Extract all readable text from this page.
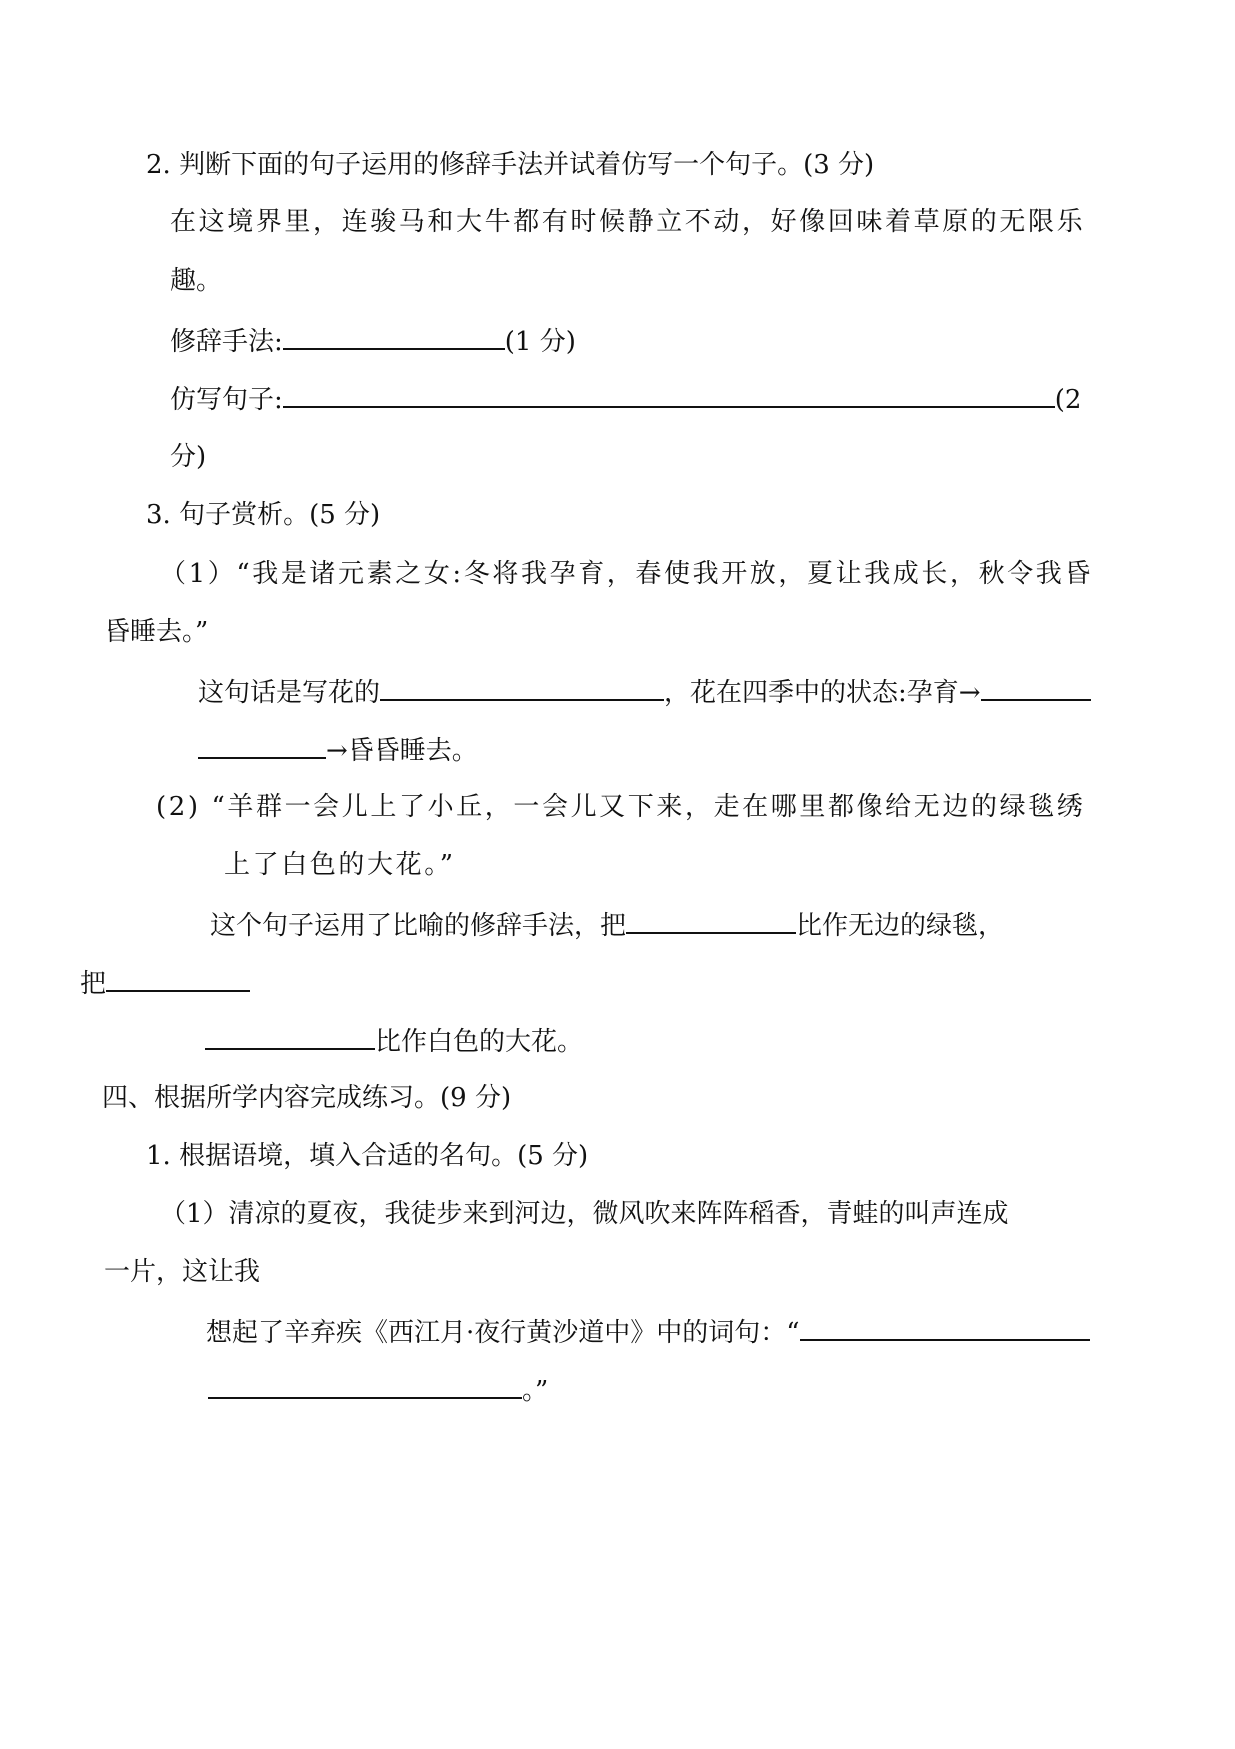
2. 判断下面的句子运用的修辞手法并试着仿写一个句子。(3 分)
在这境界里，连骏马和大牛都有时候静立不动，好像回味着草原的无限乐
趣。
修辞手法:	(1 分)
仿写句子:	(2
分)
3. 句子赏析。(5 分)
（1）“我是诸元素之女:冬将我孕育，春使我开放，夏让我成长，秋令我昏
昏睡去。”
这句话是写花的	，花在四季中的状态:孕育→
→昏昏睡去。
(2) “羊群一会儿上了小丘，一会儿又下来，走在哪里都像给无边的绿毯绣
上了白色的大花。”
这个句子运用了比喻的修辞手法，把	比作无边的绿毯，
把
比作白色的大花。
四、根据所学内容完成练习。(9 分)
1. 根据语境，填入合适的名句。(5 分)
（1）清凉的夏夜，我徒步来到河边，微风吹来阵阵稻香，青蛙的叫声连成
一片，这让我
想起了辛弃疾《西江月·夜行黄沙道中》中的词句：“
。”
